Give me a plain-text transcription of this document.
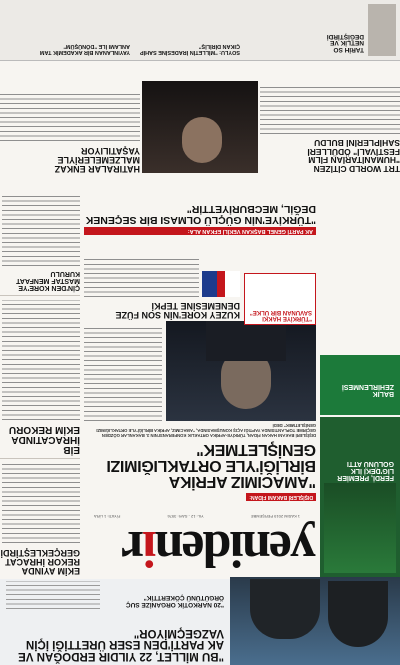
yenidenir
1 KASIM 2019 PERŞEMBE
YIL: 12 - SAYI: 3976
FİYATI: 1 LİRA
"BU MİLLET, 22 YILDIR ERDOĞAN VE AK PARTİ'DEN ESER ÜRETTİĞİ İÇİN VAZGEÇMİYOR"
"20 NARKOTİK ORGANİZE SUÇ ÖRGÜTÜNÜ ÇÖKERTTİK"
FERDİ, PREMİER LİG'DEKİ İLK GOLÜNÜ ATTI
BALIK ZEHİRLENMESİ
EKİM AYINDA REKOR İHRACAT GERÇEKLEŞTİRDİ
EİB İHRACATINDA EKİM REKORU
ÇİN'DEN KORE'YE MASTAF MENFAAT KURULU
DIŞİŞLERİ BAKANI FİDAN:
"AMACIMIZ AFRİKA BİRLİĞİ'YLE ORTAKLIĞIMIZI GENİŞLETMEK"
DIŞİŞLERİ BAKANI HAKAN FİDAN, TÜRKİYE-AFRİKA ORTAKLIK KONFERANSI'NIN 3. BAKANLAR GÖZDEN GEÇİRME TOPLANTISINDA YAPTIĞI AÇIŞ KONUŞMASINDA, "AMACIMIZ, AFRİKA BİRLİĞİ'YLE ORTAKLIĞIMIZI GENİŞLETMEK" DEDİ
"TÜRKİYE HAKKI SAVUNAN BİR ÜLKE"
KUZEY KORE'NİN SON FÜZE DENEMESİNE TEPKİ
AK PARTİ GENEL BAŞKAN VEKİLİ EFKAN ALA:
"TÜRKİYE'NİN GÜÇLÜ OLMASI BİR SEÇENEK DEĞİL, MECBURİYETTİR"
HATIRALAR ENKAZ MALZEMELERİYLE YAŞATILIYOR
TRT WORLD CİTİZEN "HUMANİTARİAN FİLM FESTİVALİ" ÖDÜLLERİ SAHİPLERİNİ BULDU
TARİH SO NETLİK VE DEĞİŞTİRDİ
SOYLU: "MİLLETİN İRADESİNE SAHİP ÇIKAN DİRİLİŞ"
YAYINLANAN BİR AKADEMİK TAM ANLAMI İLE "DÖNÜŞÜM"
